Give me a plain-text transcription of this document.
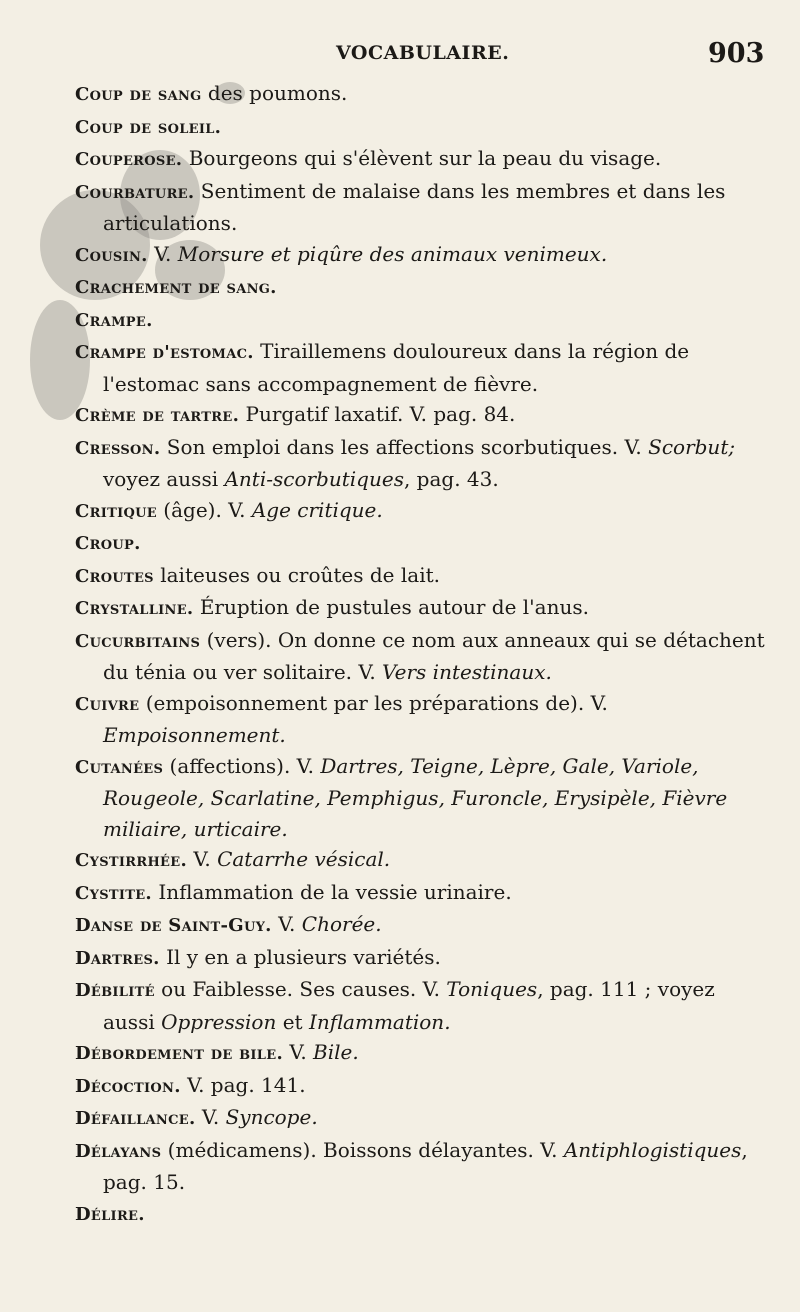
VOCABULAIRE.	903
Coup de sang des poumons.
Coup de soleil.
Couperose. Bourgeons qui s'élèvent sur la peau du visage.
Courbature. Sentiment de malaise dans les membres et dans les articulations.
Cousin. V. Morsure et piqûre des animaux venimeux.
Crachement de sang.
Crampe.
Crampe d'estomac. Tiraillemens douloureux dans la région de l'estomac sans accompagnement de fièvre.
Crème de tartre. Purgatif laxatif. V. pag. 84.
Cresson. Son emploi dans les affections scorbutiques. V. Scorbut; voyez aussi Anti-scorbutiques, pag. 43.
Critique (âge). V. Age critique.
Croup.
Croutes laiteuses ou croûtes de lait.
Crystalline. Éruption de pustules autour de l'anus.
Cucurbitains (vers). On donne ce nom aux anneaux qui se détachent du ténia ou ver solitaire. V. Vers intestinaux.
Cuivre (empoisonnement par les préparations de). V. Empoisonnement.
Cutanées (affections). V. Dartres, Teigne, Lèpre, Gale, Variole, Rougeole, Scarlatine, Pemphigus, Furoncle, Erysipèle, Fièvre miliaire, urticaire.
Cystirrhée. V. Catarrhe vésical.
Cystite. Inflammation de la vessie urinaire.
Danse de Saint-Guy. V. Chorée.
Dartres. Il y en a plusieurs variétés.
Débilité ou Faiblesse. Ses causes. V. Toniques, pag. 111 ; voyez aussi Oppression et Inflammation.
Débordement de bile. V. Bile.
Décoction. V. pag. 141.
Défaillance. V. Syncope.
Délayans (médicamens). Boissons délayantes. V. Antiphlogistiques, pag. 15.
Délire.
